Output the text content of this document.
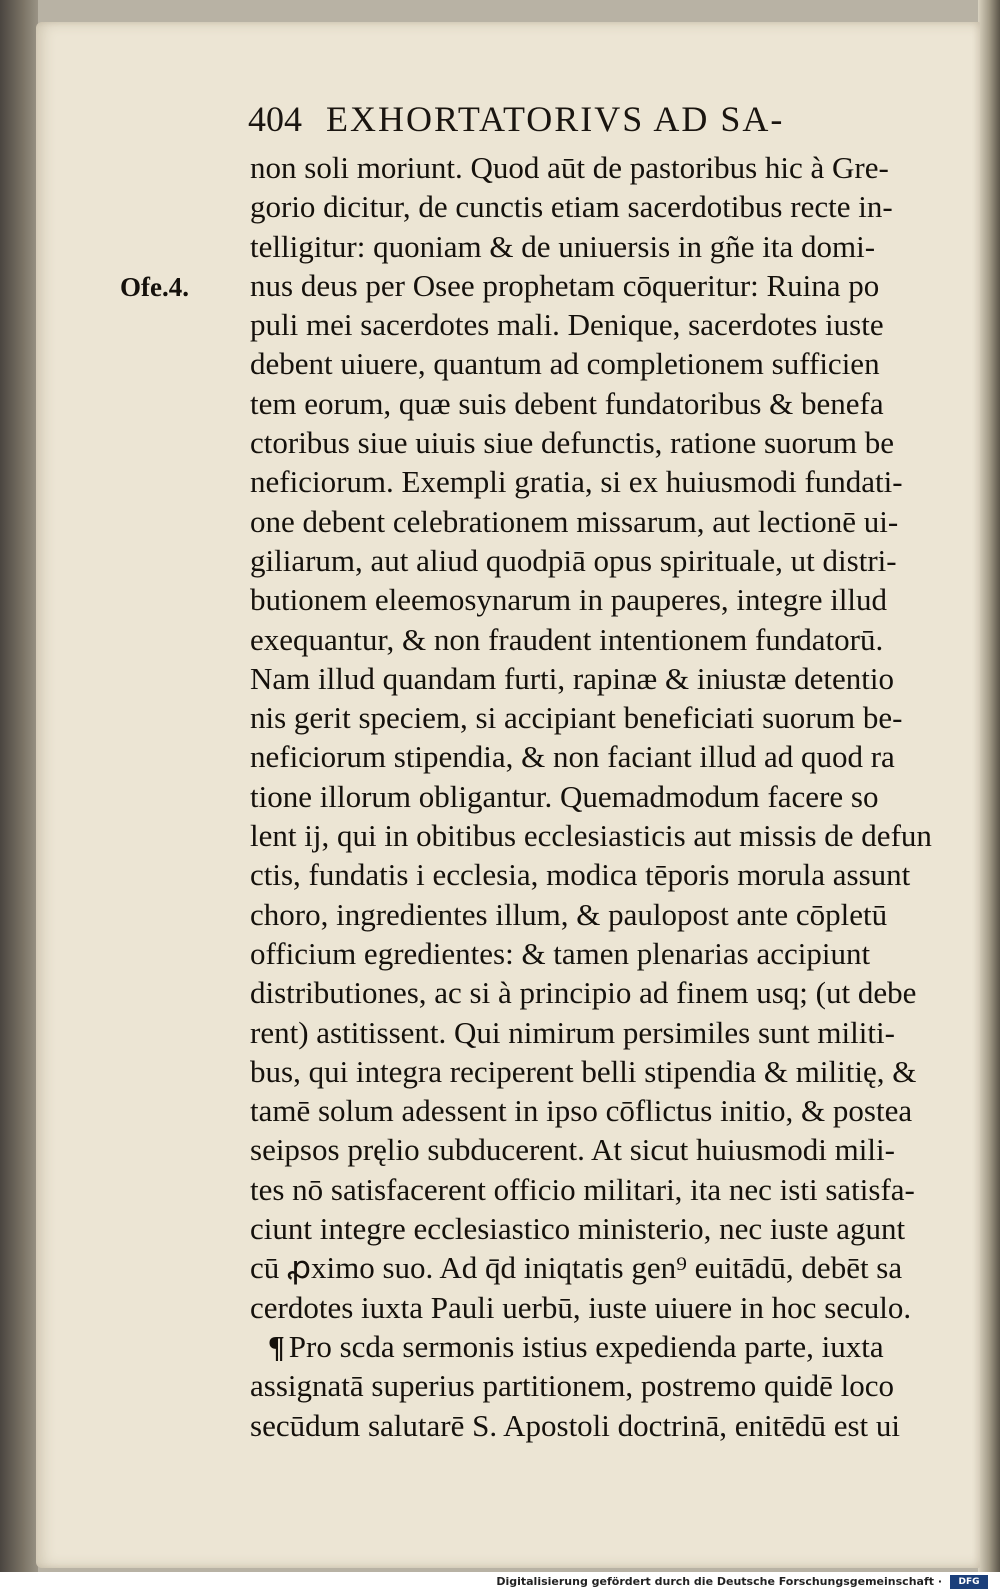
404 EXHORTATORIVS AD SA-
Ofe.4.
non soli moriunt. Quod aūt de pastoribus hic à Gre-
gorio dicitur, de cunctis etiam sacerdotibus recte in-
telligitur: quoniam & de uniuersis in gñe ita domi-
nus deus per Osee prophetam cōqueritur: Ruina po
puli mei sacerdotes mali. Denique, sacerdotes iuste
debent uiuere, quantum ad completionem sufficien
tem eorum, quæ suis debent fundatoribus & benefa
ctoribus siue uiuis siue defunctis, ratione suorum be
neficiorum. Exempli gratia, si ex huiusmodi fundati-
one debent celebrationem missarum, aut lectionē ui-
giliarum, aut aliud quodpiā opus spirituale, ut distri-
butionem eleemosynarum in pauperes, integre illud
exequantur, & non fraudent intentionem fundatorū.
Nam illud quandam furti, rapinæ & iniustæ detentio
nis gerit speciem, si accipiant beneficiati suorum be-
neficiorum stipendia, & non faciant illud ad quod ra
tione illorum obligantur. Quemadmodum facere so
lent ij, qui in obitibus ecclesiasticis aut missis de defun
ctis, fundatis i ecclesia, modica tēporis morula assunt
choro, ingredientes illum, & paulopost ante cōpletū
officium egredientes: & tamen plenarias accipiunt
distributiones, ac si à principio ad finem usq; (ut debe
rent) astitissent. Qui nimirum persimiles sunt militi-
bus, qui integra reciperent belli stipendia & militię, &
tamē solum adessent in ipso cōflictus initio, & postea
seipsos pręlio subducerent. At sicut huiusmodi mili-
tes nō satisfacerent officio militari, ita nec isti satisfa-
ciunt integre ecclesiastico ministerio, nec iuste agunt
cū ꝓximo suo. Ad q̄d iniqtatis gen⁹ euitādū, debēt sa
cerdotes iuxta Pauli uerbū, iuste uiuere in hoc seculo.
¶ Pro scda sermonis istius expedienda parte, iuxta
assignatā superius partitionem, postremo quidē loco
secūdum salutarē S. Apostoli doctrinā, enitēdū est ui
Digitalisierung gefördert durch die Deutsche Forschungsgemeinschaft ·	DFG
